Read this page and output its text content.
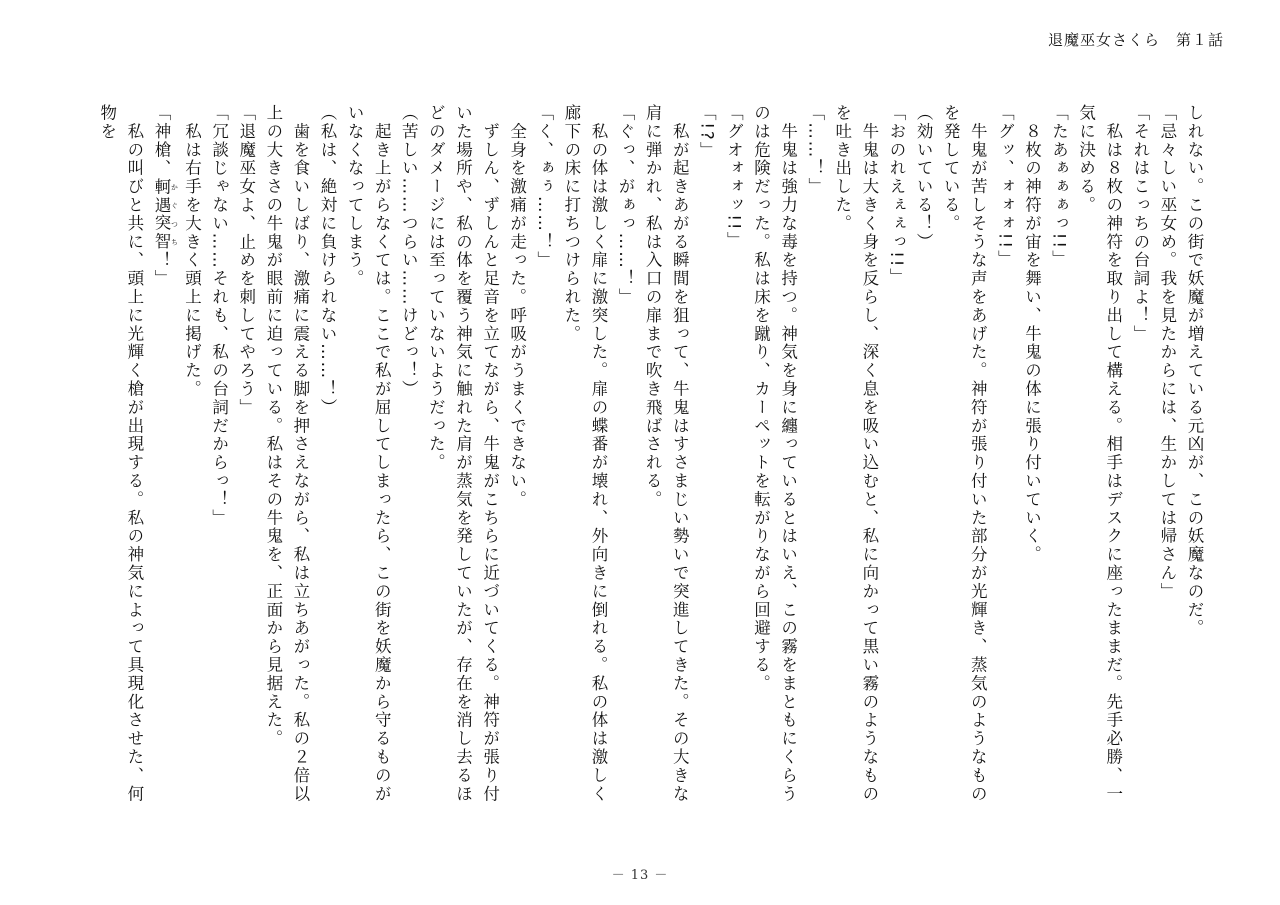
退魔巫女さくら 第１話

しれない。この街で妖魔が増えている元凶が、この妖魔なのだ。

「忌々しい巫女め。我を見たからには、生かしては帰さん」

「それはこっちの台詞よ！」

　私は８枚の神符を取り出して構える。相手はデスクに座ったままだ。先手必勝、一気に決める。

「たあぁぁぁっ!!」

　８枚の神符が宙を舞い、牛鬼の体に張り付いていく。

「グッ、ォォォ!!」

　牛鬼が苦しそうな声をあげた。神符が張り付いた部分が光輝き、蒸気のようなものを発している。

（効いている！）

「おのれえぇぇっ!!」

　牛鬼は大きく身を反らし、深く息を吸い込むと、私に向かって黒い霧のようなものを吐き出した。

「……！」

　牛鬼は強力な毒を持つ。神気を身に纏っているとはいえ、この霧をまともにくらうのは危険だった。私は床を蹴り、カーペットを転がりながら回避する。

「グオォォッ!!」

「!?」

　私が起きあがる瞬間を狙って、牛鬼はすさまじい勢いで突進してきた。その大きな肩に弾かれ、私は入口の扉まで吹き飛ばされる。

「ぐっ、がぁっ……！」

　私の体は激しく扉に激突した。扉の蝶番が壊れ、外向きに倒れる。私の体は激しく廊下の床に打ちつけられた。

「く、ぁぅ……！」

　全身を激痛が走った。呼吸がうまくできない。

　ずしん、ずしんと足音を立てながら、牛鬼がこちらに近づいてくる。神符が張り付いた場所や、私の体を覆う神気に触れた肩が蒸気を発していたが、存在を消し去るほどのダメージには至っていないようだった。

（苦しい……つらい……けどっ！）

　起き上がらなくては。ここで私が屈してしまったら、この街を妖魔から守るものがいなくなってしまう。

（私は、絶対に負けられない……！）

　歯を食いしばり、激痛に震える脚を押さえながら、私は立ちあがった。私の２倍以上の大きさの牛鬼が眼前に迫っている。私はその牛鬼を、正面から見据えた。

「退魔巫女よ、止めを刺してやろう」

「冗談じゃない……それも、私の台詞だからっ！」

　私は右手を大きく頭上に掲げた。

「神槍、軻遇 かぐ突智 つち！」

　私の叫びと共に、頭上に光輝く槍が出現する。私の神気によって具現化させた、何物を

－ 13 －
